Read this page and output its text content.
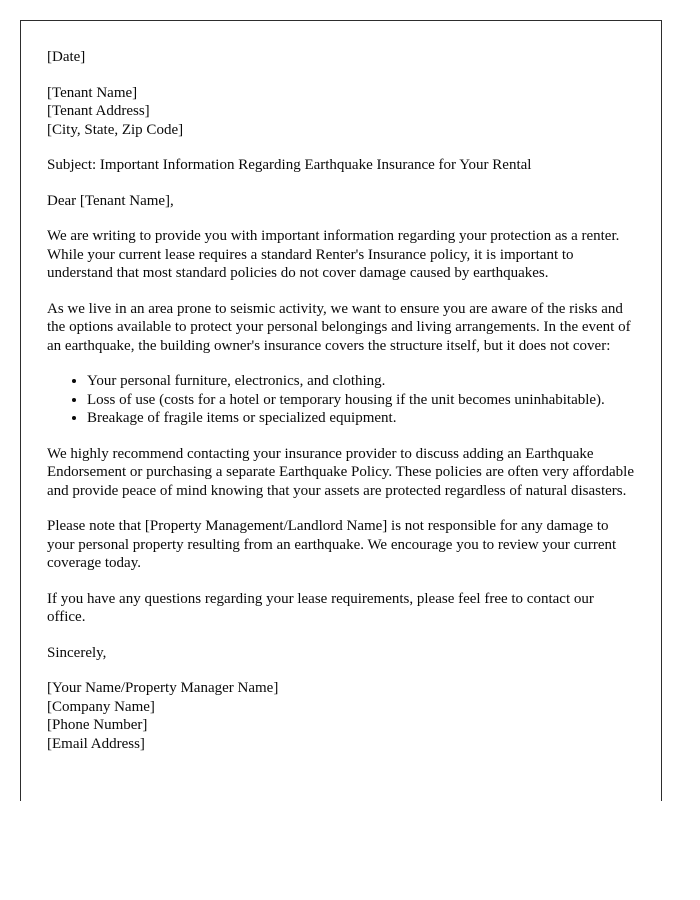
[Date]

[Tenant Name]
[Tenant Address]
[City, State, Zip Code]

Subject: Important Information Regarding Earthquake Insurance for Your Rental

Dear [Tenant Name],

We are writing to provide you with important information regarding your protection as a renter. While your current lease requires a standard Renter's Insurance policy, it is important to understand that most standard policies do not cover damage caused by earthquakes.

As we live in an area prone to seismic activity, we want to ensure you are aware of the risks and the options available to protect your personal belongings and living arrangements. In the event of an earthquake, the building owner's insurance covers the structure itself, but it does not cover:

• Your personal furniture, electronics, and clothing.
• Loss of use (costs for a hotel or temporary housing if the unit becomes uninhabitable).
• Breakage of fragile items or specialized equipment.

We highly recommend contacting your insurance provider to discuss adding an Earthquake Endorsement or purchasing a separate Earthquake Policy. These policies are often very affordable and provide peace of mind knowing that your assets are protected regardless of natural disasters.

Please note that [Property Management/Landlord Name] is not responsible for any damage to your personal property resulting from an earthquake. We encourage you to review your current coverage today.

If you have any questions regarding your lease requirements, please feel free to contact our office.

Sincerely,

[Your Name/Property Manager Name]
[Company Name]
[Phone Number]
[Email Address]
